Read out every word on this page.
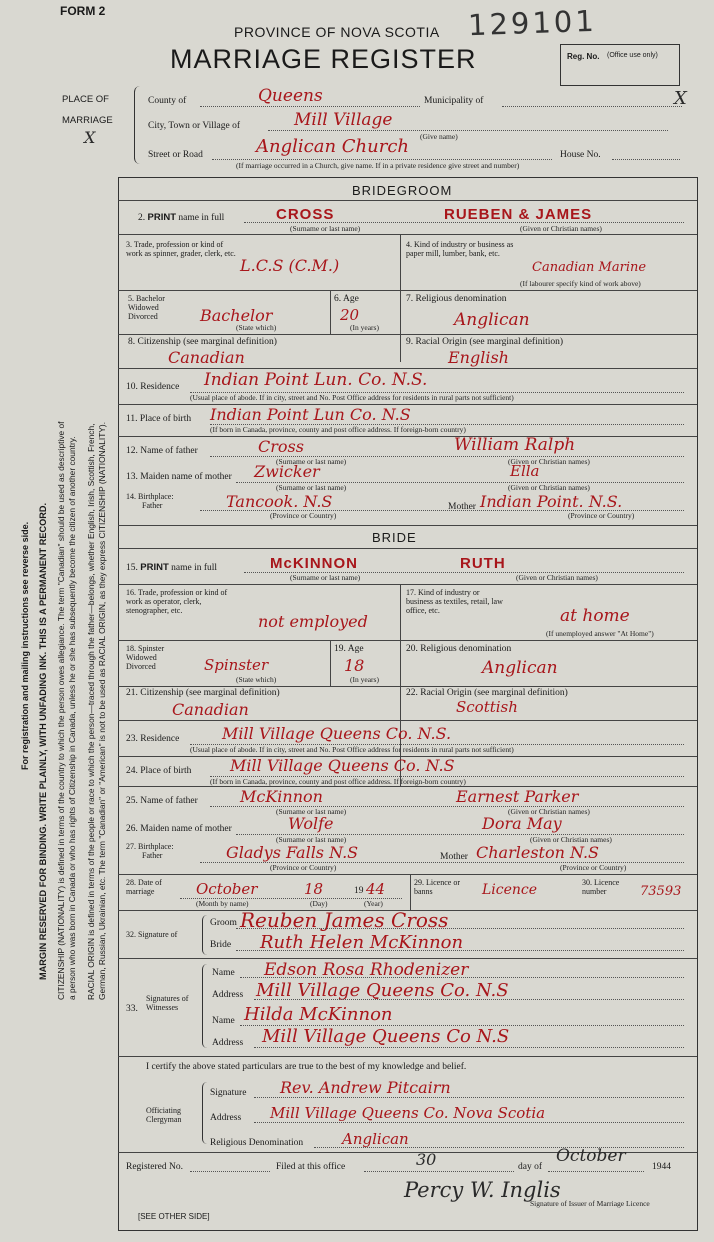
FORM 2
PROVINCE OF NOVA SCOTIA
MARRIAGE REGISTER
129101
Reg. No. (Office use only)
PLACE OF
MARRIAGE
X
County of	Queens	Municipality of	X
City, Town or Village of	Mill Village
(Give name)
Street or Road	Anglican Church	House No.
(If marriage occurred in a Church, give name. If in a private residence give street and number)
For registration and mailing instructions see reverse side. MARGIN RESERVED FOR BINDING. WRITE PLAINLY, WITH UNFADING INK. THIS IS A PERMANENT RECORD. CITIZENSHIP (NATIONALITY) is defined in terms of the country to which the person owes allegiance. The term "Canadian" should be used as descriptive of a person who was born in Canada or who has rights of Citizenship in Canada, unless he or she has subsequently become the citizen of another country. RACIAL ORIGIN is defined in terms of the people or race to which the person—traced through the father—belongs, whether English, Irish, Scottish, French, German, Russian, Ukrainian, etc. The term "Canadian" or "American" is not to be used as RACIAL ORIGIN, as they express CITIZENSHIP (NATIONALITY).
BRIDEGROOM
2. PRINT name in full	CROSS	RUEBEN & JAMES
(Surname or last name)	(Given or Christian names)
3. Trade, profession or kind of work as spinner, grader, clerk, etc.
L.C.S (C.M.)
4. Kind of industry or business as paper mill, lumber, bank, etc.
Canadian Marine
(If labourer specify kind of work above)
5. Bachelor Widowed Divorced	Bachelor
(State which)
6. Age
20
(In years)
7. Religious denomination
Anglican
8. Citizenship (see marginal definition)
Canadian
9. Racial Origin (see marginal definition)
English
10. Residence Indian Point Lun. Co. N.S.
(Usual place of abode. If in city, street and No. Post Office address for residents in rural parts not sufficient)
11. Place of birth Indian Point Lun Co. N.S
(If born in Canada, province, county and post office address. If foreign-born country)
12. Name of father	Cross	William Ralph
(Surname or last name)	(Given or Christian names)
13. Maiden name of mother Zwicker	Ella
(Surname or last name)	(Given or Christian names)
14. Birthplace:
Father	Tancook. N.S	Mother Indian Point. N.S.
(Province or Country)	(Province or Country)
BRIDE
15. PRINT name in full	McKINNON	RUTH
(Surname or last name)	(Given or Christian names)
16. Trade, profession or kind of work as operator, clerk, stenographer, etc.
not employed
17. Kind of industry or business as textiles, retail, law office, etc.	at home
(If unemployed answer "At Home")
18. Spinster Widowed Divorced	Spinster
(State which)
19. Age
18
(In years)
20. Religious denomination
Anglican
21. Citizenship (see marginal definition)
Canadian
22. Racial Origin (see marginal definition)
Scottish
23. Residence	Mill Village Queens Co. N.S.
(Usual place of abode. If in city, street and No. Post Office address for residents in rural parts not sufficient)
24. Place of birth Mill Village Queens Co. N.S
(If born in Canada, province, county and post office address. If foreign-born country)
25. Name of father	McKinnon	Earnest Parker
(Surname or last name)	(Given or Christian names)
26. Maiden name of mother	Wolfe	Dora May
(Surname or last name)	(Given or Christian names)
27. Birthplace:
Father	Gladys Falls N.S	Mother Charleston N.S
(Province or Country)	(Province or Country)
28. Date of marriage	October	18	19 44
(Month by name)	(Day)	(Year)
29. Licence or banns	Licence	30. Licence number	73593
32. Signature of
Groom Reuben James Cross
Bride Ruth Helen McKinnon
Signatures of Witnesses
33.
Name Edson Rosa Rhodenizer
Address Mill Village Queens Co. N.S
Name Hilda McKinnon
Address Mill Village Queens Co N.S
I certify the above stated particulars are true to the best of my knowledge and belief.
Officiating Clergyman
Signature Rev. Andrew Pitcairn
Address Mill Village Queens Co. Nova Scotia
Religious Denomination	Anglican
Registered No.	Filed at this office	30	day of
October
1944
Percy W. Inglis
Signature of Issuer of Marriage Licence
[SEE OTHER SIDE]
